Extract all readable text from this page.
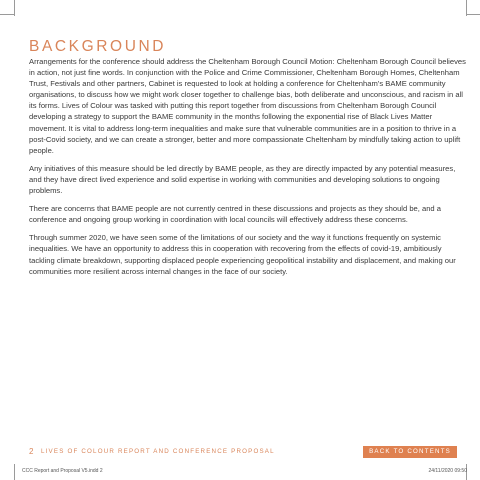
BACKGROUND

Arrangements for the conference should address the Cheltenham Borough Council Motion: Cheltenham Borough Council believes in action, not just fine words. In conjunction with the Police and Crime Commissioner, Cheltenham Borough Homes, Cheltenham Trust, Festivals and other partners, Cabinet is requested to look at holding a conference for Cheltenham’s BAME community organisations, to discuss how we might work closer together to challenge bias, both deliberate and unconscious, and racism in all its forms. Lives of Colour was tasked with putting this report together from discussions from Cheltenham Borough Council developing a strategy to support the BAME community in the months following the exponential rise of Black Lives Matter movement. It is vital to address long-term inequalities and make sure that vulnerable communities are in a position to thrive in a post-Covid society, and we can create a stronger, better and more compassionate Cheltenham by mindfully taking action to uplift people.

Any initiatives of this measure should be led directly by BAME people, as they are directly impacted by any potential measures, and they have direct lived experience and solid expertise in working with communities and developing solutions to ongoing problems.

There are concerns that BAME people are not currently centred in these discussions and projects as they should be, and a conference and ongoing group working in coordination with local councils will effectively address these concerns.

Through summer 2020, we have seen some of the limitations of our society and the way it functions frequently on systemic inequalities. We have an opportunity to address this in cooperation with recovering from the effects of covid-19, ambitiously tackling climate breakdown, supporting displaced people experiencing geopolitical instability and displacement, and making our communities more resilient across internal changes in the face of our society.

2 LIVES OF COLOUR REPORT AND CONFERENCE PROPOSAL	BACK TO CONTENTS
CCC Report and Proposal V5.indd 2	24/11/2020 09:50
